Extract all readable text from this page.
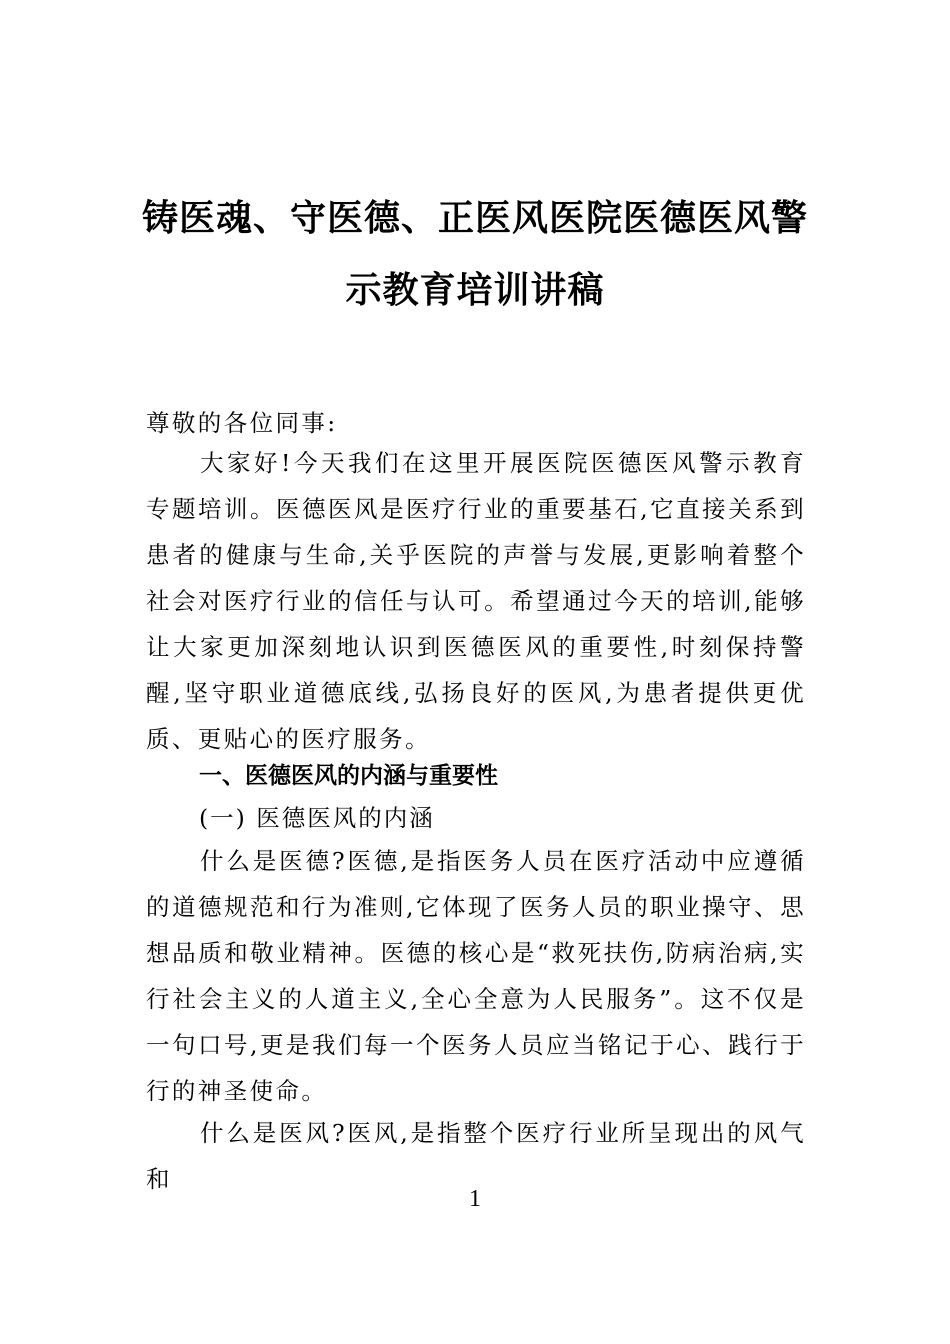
铸医魂、守医德、正医风医院医德医风警
示教育培训讲稿
尊敬的各位同事:
大家好!今天我们在这里开展医院医德医风警示教育专题培训。医德医风是医疗行业的重要基石,它直接关系到患者的健康与生命,关乎医院的声誉与发展,更影响着整个社会对医疗行业的信任与认可。希望通过今天的培训,能够让大家更加深刻地认识到医德医风的重要性,时刻保持警醒,坚守职业道德底线,弘扬良好的医风,为患者提供更优质、更贴心的医疗服务。
一、医德医风的内涵与重要性
(一) 医德医风的内涵
什么是医德?医德,是指医务人员在医疗活动中应遵循的道德规范和行为准则,它体现了医务人员的职业操守、思想品质和敬业精神。医德的核心是“救死扶伤,防病治病,实行社会主义的人道主义,全心全意为人民服务”。这不仅是一句口号,更是我们每一个医务人员应当铭记于心、践行于行的神圣使命。
什么是医风?医风,是指整个医疗行业所呈现出的风气和
1
